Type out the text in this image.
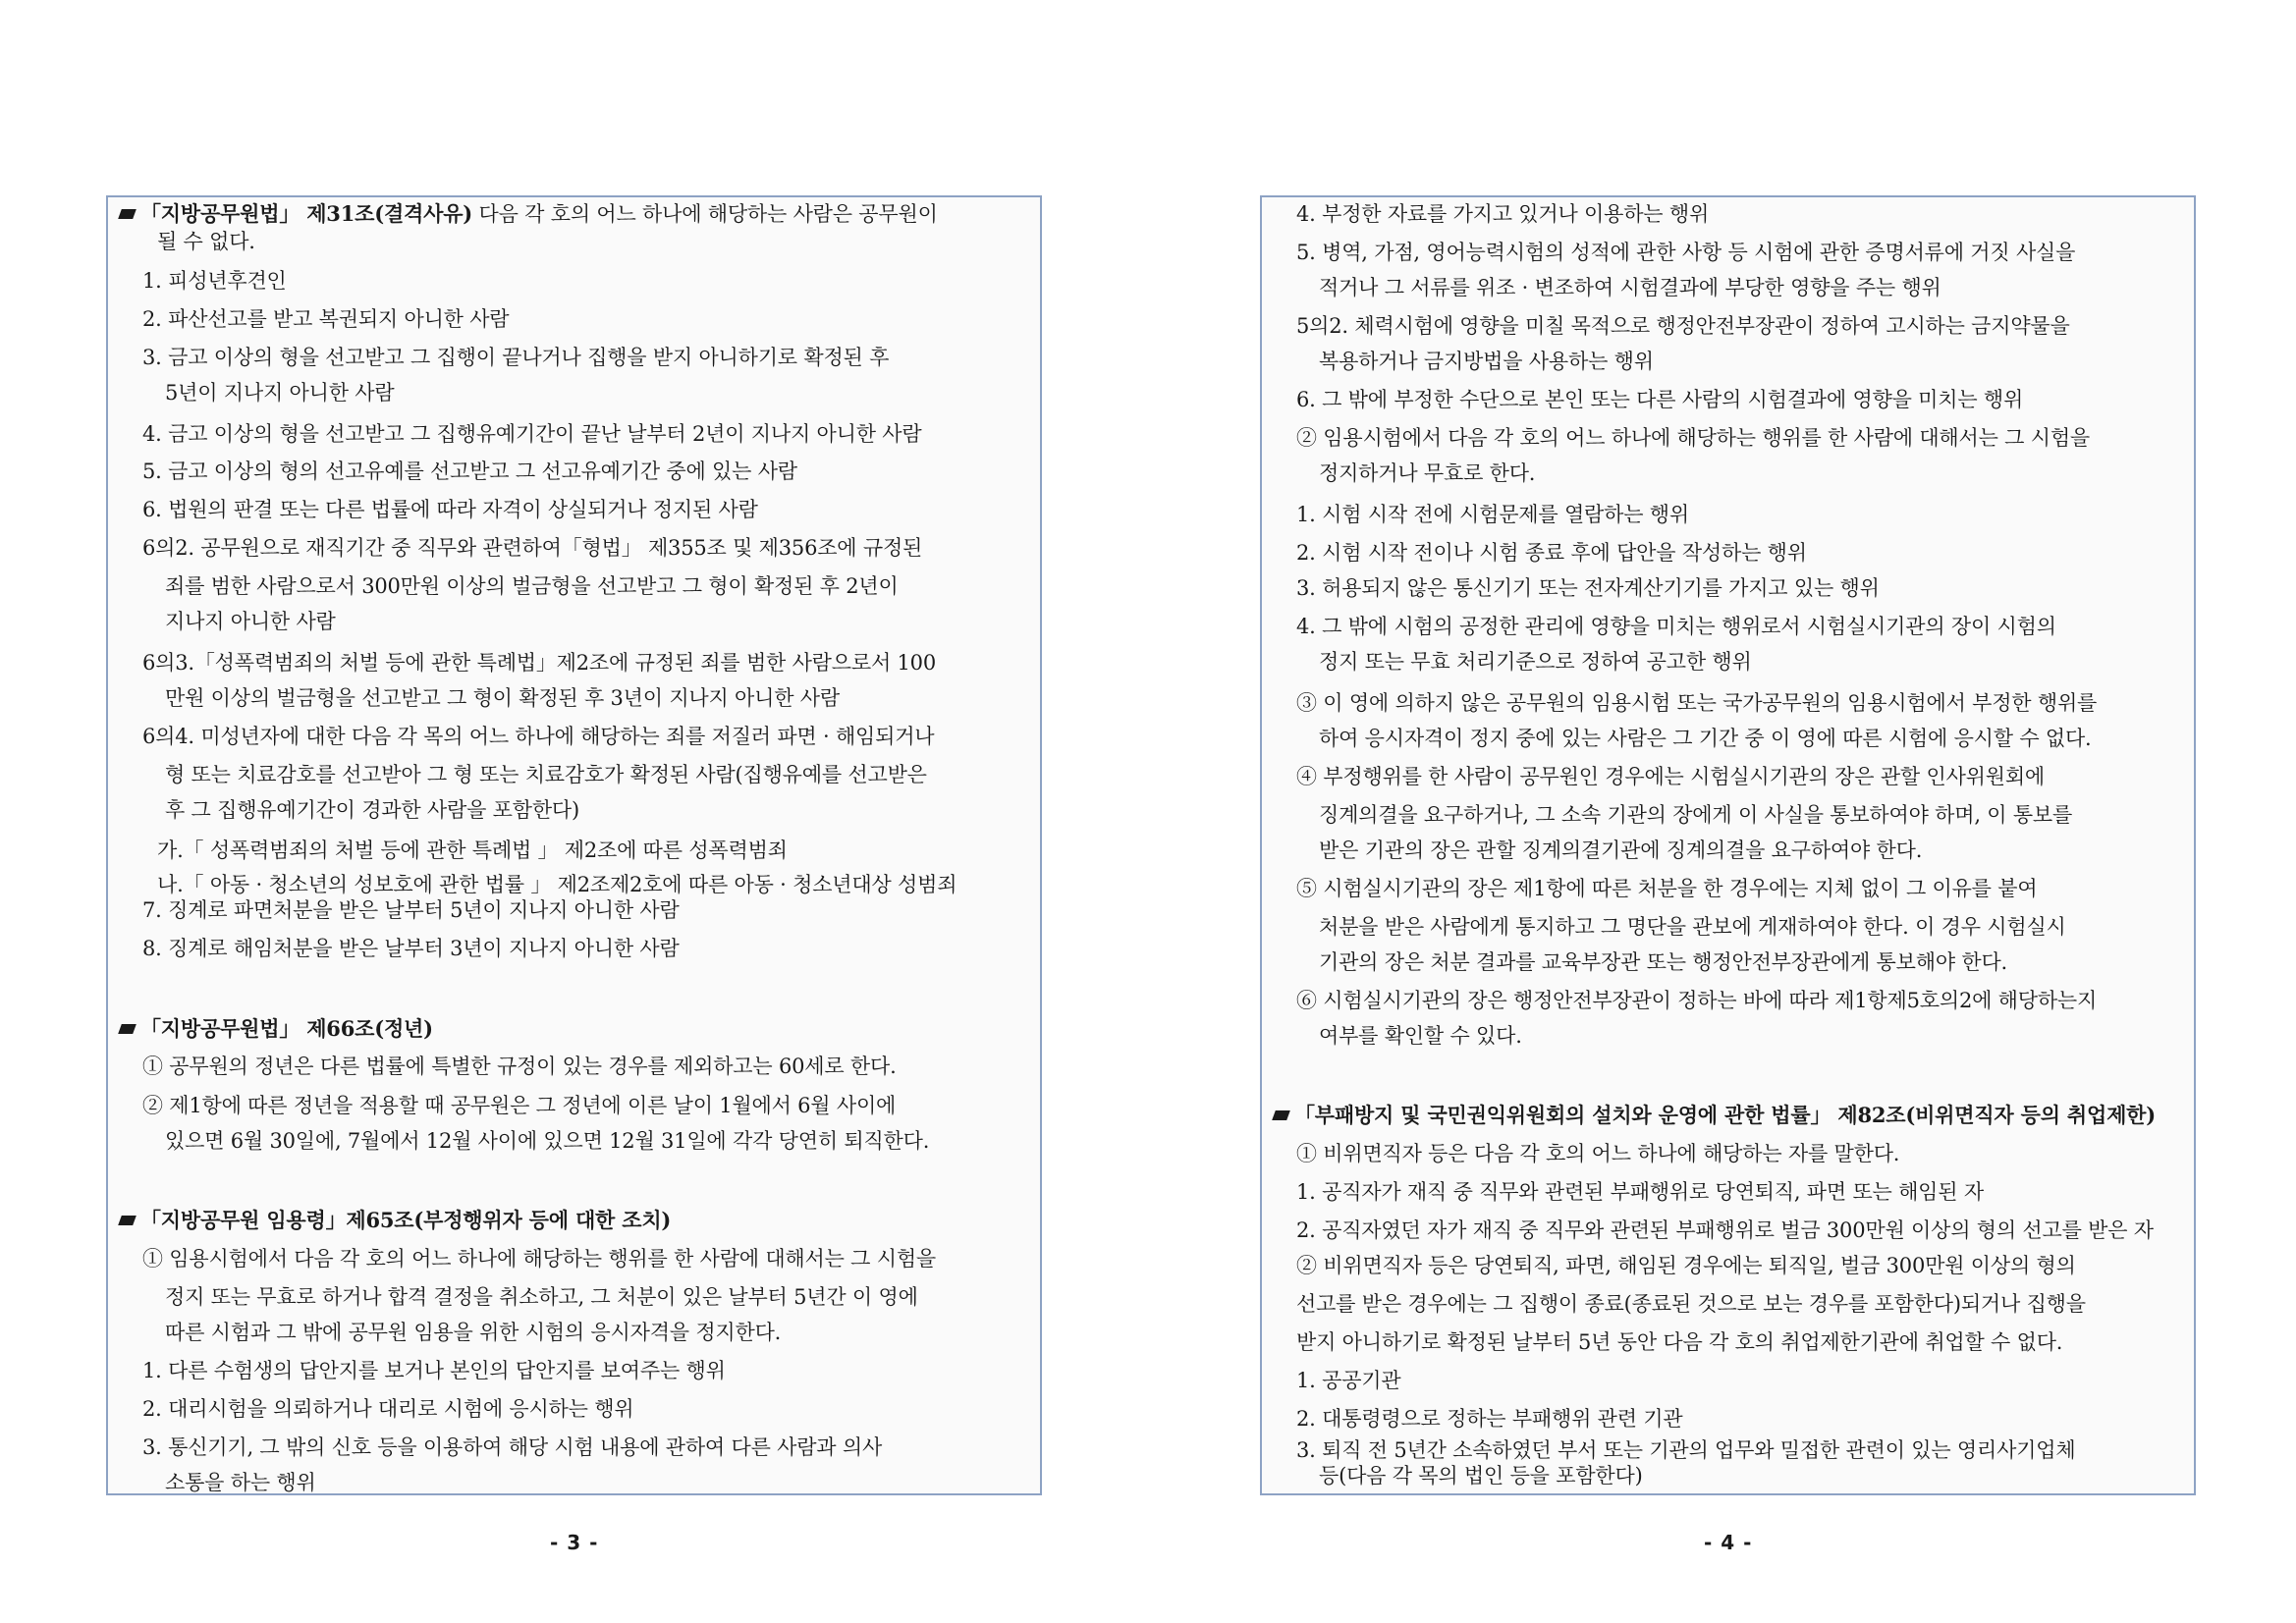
「지방공무원법」 제31조(결격사유) 다음 각 호의 어느 하나에 해당하는 사람은 공무원이
될 수 없다.
1. 피성년후견인
2. 파산선고를 받고 복권되지 아니한 사람
3. 금고 이상의 형을 선고받고 그 집행이 끝나거나 집행을 받지 아니하기로 확정된 후
5년이 지나지 아니한 사람
4. 금고 이상의 형을 선고받고 그 집행유예기간이 끝난 날부터 2년이 지나지 아니한 사람
5. 금고 이상의 형의 선고유예를 선고받고 그 선고유예기간 중에 있는 사람
6. 법원의 판결 또는 다른 법률에 따라 자격이 상실되거나 정지된 사람
6의2. 공무원으로 재직기간 중 직무와 관련하여「형법」 제355조 및 제356조에 규정된
죄를 범한 사람으로서 300만원 이상의 벌금형을 선고받고 그 형이 확정된 후 2년이
지나지 아니한 사람
6의3.「성폭력범죄의 처벌 등에 관한 특례법」제2조에 규정된 죄를 범한 사람으로서 100
만원 이상의 벌금형을 선고받고 그 형이 확정된 후 3년이 지나지 아니한 사람
6의4. 미성년자에 대한 다음 각 목의 어느 하나에 해당하는 죄를 저질러 파면 · 해임되거나
형 또는 치료감호를 선고받아 그 형 또는 치료감호가 확정된 사람(집행유예를 선고받은
후 그 집행유예기간이 경과한 사람을 포함한다)
가.「 성폭력범죄의 처벌 등에 관한 특례법 」 제2조에 따른 성폭력범죄
나.「 아동 · 청소년의 성보호에 관한 법률 」 제2조제2호에 따른 아동 · 청소년대상 성범죄
7. 징계로 파면처분을 받은 날부터 5년이 지나지 아니한 사람
8. 징계로 해임처분을 받은 날부터 3년이 지나지 아니한 사람
「지방공무원법」 제66조(정년)
① 공무원의 정년은 다른 법률에 특별한 규정이 있는 경우를 제외하고는 60세로 한다.
② 제1항에 따른 정년을 적용할 때 공무원은 그 정년에 이른 날이 1월에서 6월 사이에
있으면 6월 30일에, 7월에서 12월 사이에 있으면 12월 31일에 각각 당연히 퇴직한다.
「지방공무원 임용령」제65조(부정행위자 등에 대한 조치)
① 임용시험에서 다음 각 호의 어느 하나에 해당하는 행위를 한 사람에 대해서는 그 시험을
정지 또는 무효로 하거나 합격 결정을 취소하고, 그 처분이 있은 날부터 5년간 이 영에
따른 시험과 그 밖에 공무원 임용을 위한 시험의 응시자격을 정지한다.
1. 다른 수험생의 답안지를 보거나 본인의 답안지를 보여주는 행위
2. 대리시험을 의뢰하거나 대리로 시험에 응시하는 행위
3. 통신기기, 그 밖의 신호 등을 이용하여 해당 시험 내용에 관하여 다른 사람과 의사
소통을 하는 행위
4. 부정한 자료를 가지고 있거나 이용하는 행위
5. 병역, 가점, 영어능력시험의 성적에 관한 사항 등 시험에 관한 증명서류에 거짓 사실을
적거나 그 서류를 위조 · 변조하여 시험결과에 부당한 영향을 주는 행위
5의2. 체력시험에 영향을 미칠 목적으로 행정안전부장관이 정하여 고시하는 금지약물을
복용하거나 금지방법을 사용하는 행위
6. 그 밖에 부정한 수단으로 본인 또는 다른 사람의 시험결과에 영향을 미치는 행위
② 임용시험에서 다음 각 호의 어느 하나에 해당하는 행위를 한 사람에 대해서는 그 시험을
정지하거나 무효로 한다.
1. 시험 시작 전에 시험문제를 열람하는 행위
2. 시험 시작 전이나 시험 종료 후에 답안을 작성하는 행위
3. 허용되지 않은 통신기기 또는 전자계산기기를 가지고 있는 행위
4. 그 밖에 시험의 공정한 관리에 영향을 미치는 행위로서 시험실시기관의 장이 시험의
정지 또는 무효 처리기준으로 정하여 공고한 행위
③ 이 영에 의하지 않은 공무원의 임용시험 또는 국가공무원의 임용시험에서 부정한 행위를
하여 응시자격이 정지 중에 있는 사람은 그 기간 중 이 영에 따른 시험에 응시할 수 없다.
④ 부정행위를 한 사람이 공무원인 경우에는 시험실시기관의 장은 관할 인사위원회에
징계의결을 요구하거나, 그 소속 기관의 장에게 이 사실을 통보하여야 하며, 이 통보를
받은 기관의 장은 관할 징계의결기관에 징계의결을 요구하여야 한다.
⑤ 시험실시기관의 장은 제1항에 따른 처분을 한 경우에는 지체 없이 그 이유를 붙여
처분을 받은 사람에게 통지하고 그 명단을 관보에 게재하여야 한다. 이 경우 시험실시
기관의 장은 처분 결과를 교육부장관 또는 행정안전부장관에게 통보해야 한다.
⑥ 시험실시기관의 장은 행정안전부장관이 정하는 바에 따라 제1항제5호의2에 해당하는지
여부를 확인할 수 있다.
「부패방지 및 국민권익위원회의 설치와 운영에 관한 법률」 제82조(비위면직자 등의 취업제한)
① 비위면직자 등은 다음 각 호의 어느 하나에 해당하는 자를 말한다.
1. 공직자가 재직 중 직무와 관련된 부패행위로 당연퇴직, 파면 또는 해임된 자
2. 공직자였던 자가 재직 중 직무와 관련된 부패행위로 벌금 300만원 이상의 형의 선고를 받은 자
② 비위면직자 등은 당연퇴직, 파면, 해임된 경우에는 퇴직일, 벌금 300만원 이상의 형의
선고를 받은 경우에는 그 집행이 종료(종료된 것으로 보는 경우를 포함한다)되거나 집행을
받지 아니하기로 확정된 날부터 5년 동안 다음 각 호의 취업제한기관에 취업할 수 없다.
1. 공공기관
2. 대통령령으로 정하는 부패행위 관련 기관
3. 퇴직 전 5년간 소속하였던 부서 또는 기관의 업무와 밀접한 관련이 있는 영리사기업체
등(다음 각 목의 법인 등을 포함한다)
- 3 -	- 4 -
